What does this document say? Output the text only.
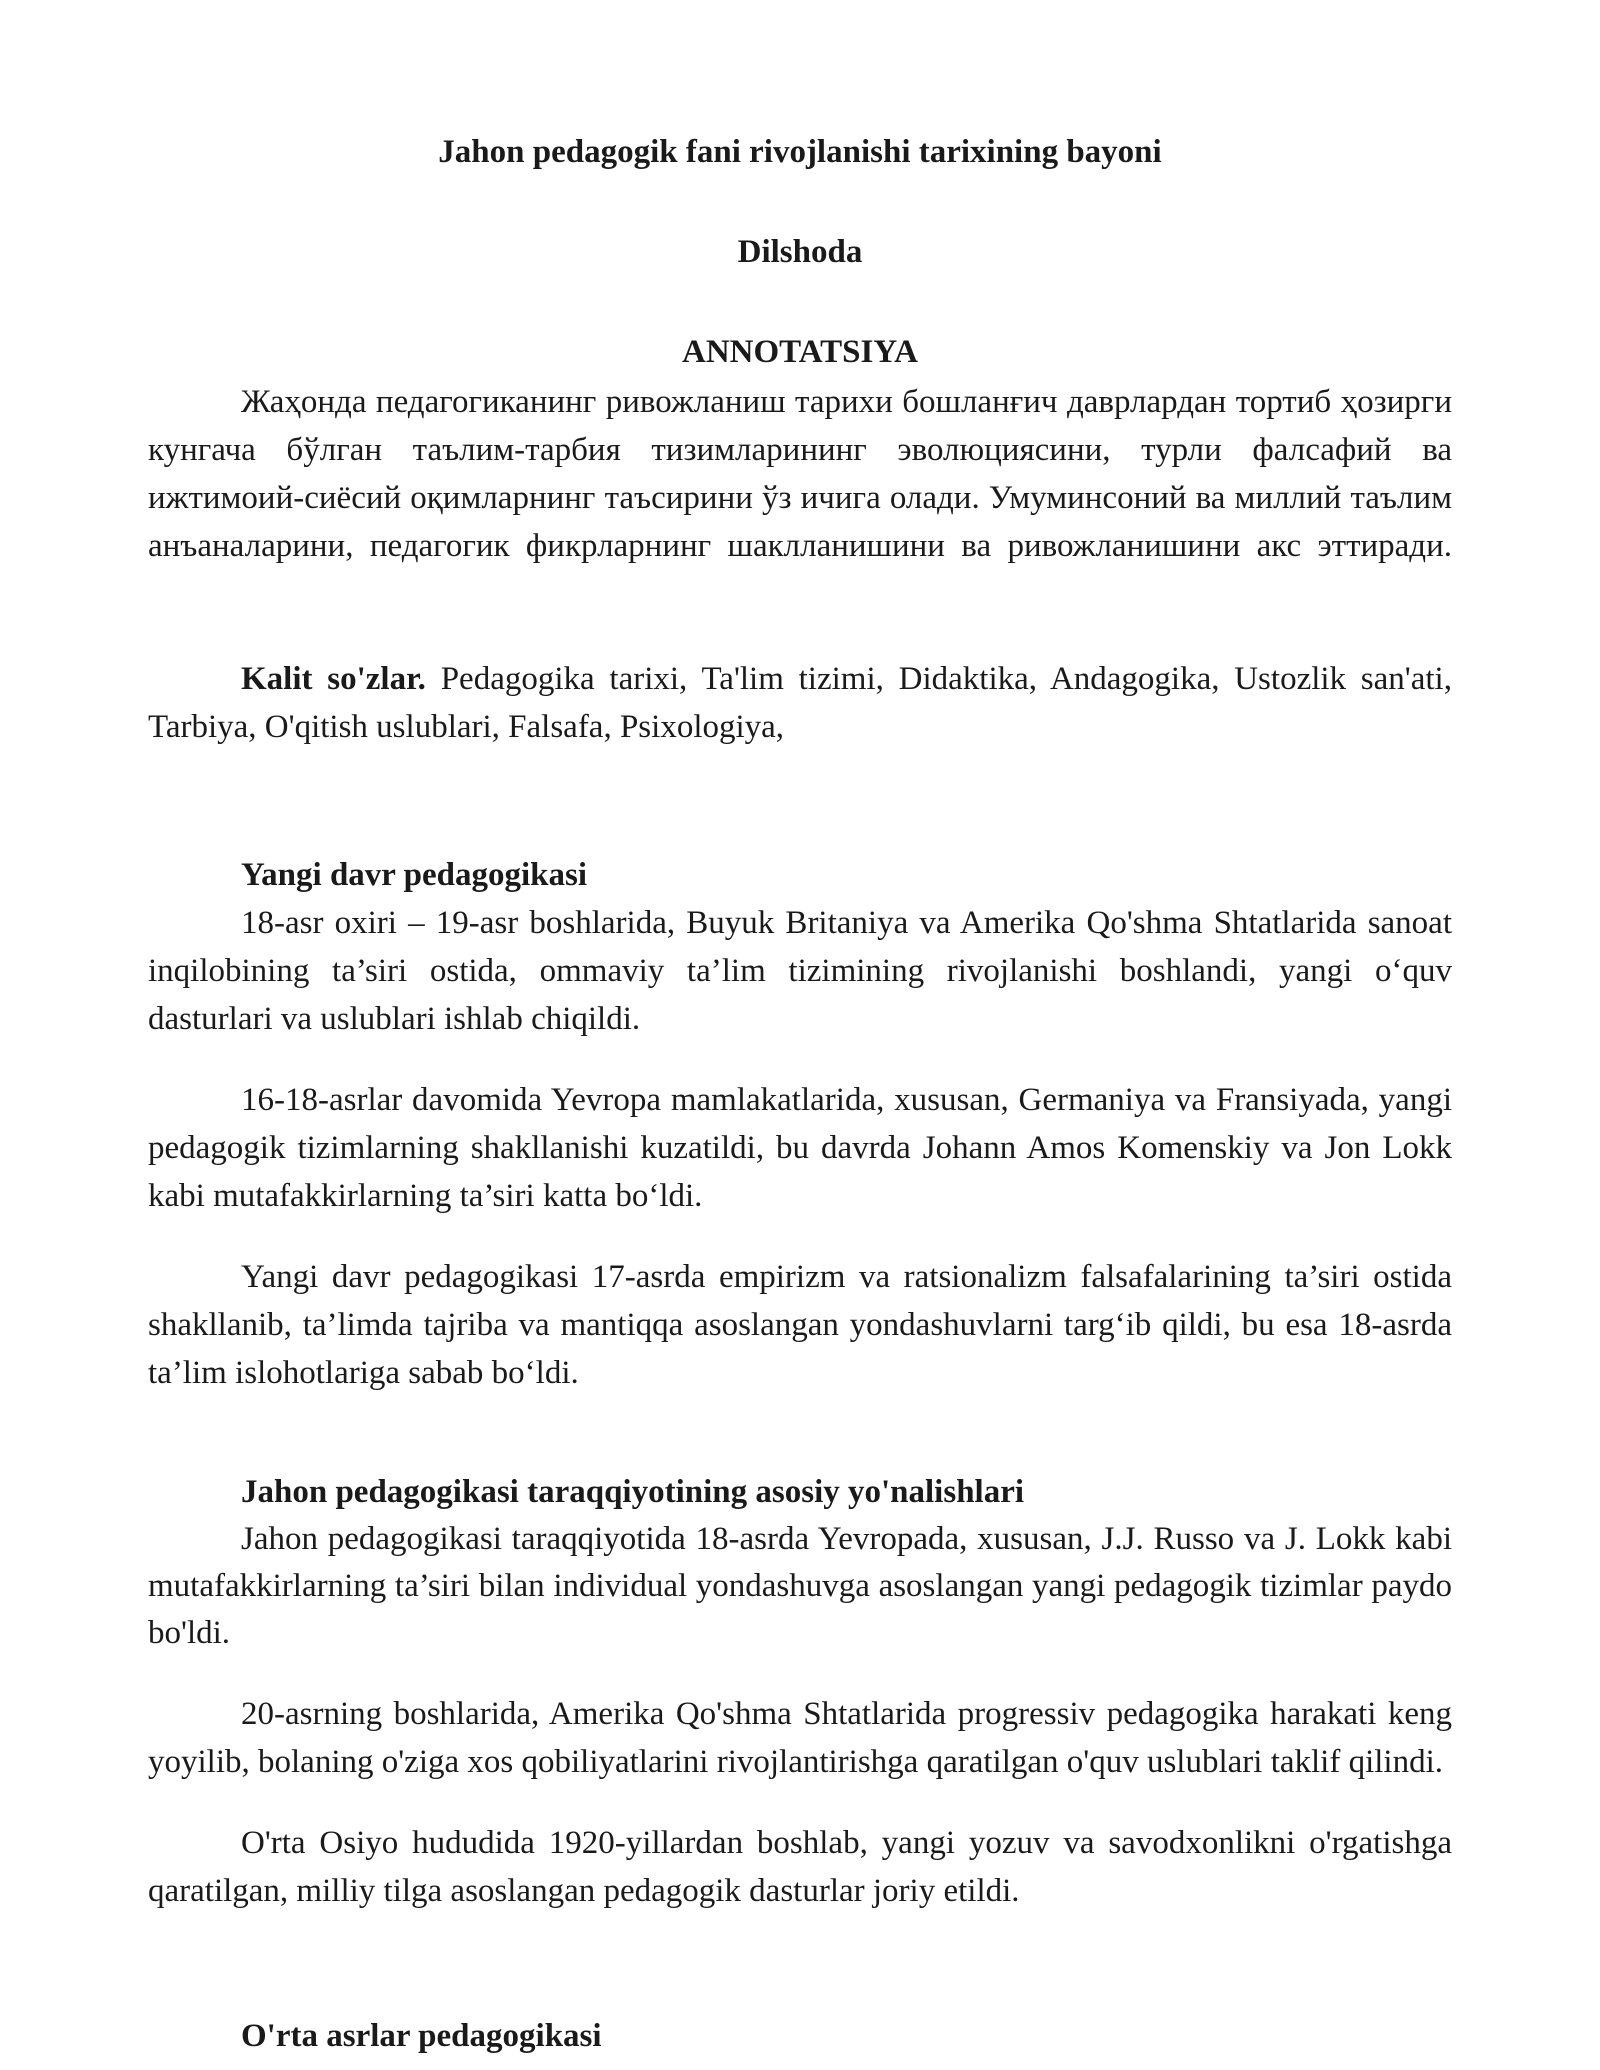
Jahon pedagogik fani rivojlanishi tarixining bayoni
Dilshoda
ANNOTATSIYA

Жаҳонда педагогиканинг ривожланиш тарихи бошланғич даврлардан тортиб ҳозирги кунгача бўлган таълим-тарбия тизимларининг эволюциясини, турли фалсафий ва ижтимоий-сиёсий оқимларнинг таъсирини ўз ичига олади. Умуминсоний ва миллий таълим анъаналарини, педагогик фикрларнинг шаклланишини ва ривожланишини акс эттиради.

Kalit so'zlar. Pedagogika tarixi, Ta'lim tizimi, Didaktika, Andagogika, Ustozlik san'ati, Tarbiya, O'qitish uslublari, Falsafa, Psixologiya,

Yangi davr pedagogikasi

18-asr oxiri – 19-asr boshlarida, Buyuk Britaniya va Amerika Qo'shma Shtatlarida sanoat inqilobining ta’siri ostida, ommaviy ta’lim tizimining rivojlanishi boshlandi, yangi o‘quv dasturlari va uslublari ishlab chiqildi.

16-18-asrlar davomida Yevropa mamlakatlarida, xususan, Germaniya va Fransiyada, yangi pedagogik tizimlarning shakllanishi kuzatildi, bu davrda Johann Amos Komenskiy va Jon Lokk kabi mutafakkirlarning ta’siri katta bo‘ldi.

Yangi davr pedagogikasi 17-asrda empirizm va ratsionalizm falsafalarining ta’siri ostida shakllanib, ta’limda tajriba va mantiqqa asoslangan yondashuvlarni targ‘ib qildi, bu esa 18-asrda ta’lim islohotlariga sabab bo‘ldi.

Jahon pedagogikasi taraqqiyotining asosiy yo'nalishlari

Jahon pedagogikasi taraqqiyotida 18-asrda Yevropada, xususan, J.J. Russo va J. Lokk kabi mutafakkirlarning ta’siri bilan individual yondashuvga asoslangan yangi pedagogik tizimlar paydo bo'ldi.

20-asrning boshlarida, Amerika Qo'shma Shtatlarida progressiv pedagogika harakati keng yoyilib, bolaning o'ziga xos qobiliyatlarini rivojlantirishga qaratilgan o'quv uslublari taklif qilindi.

O'rta Osiyo hududida 1920-yillardan boshlab, yangi yozuv va savodxonlikni o'rgatishga qaratilgan, milliy tilga asoslangan pedagogik dasturlar joriy etildi.

O'rta asrlar pedagogikasi
